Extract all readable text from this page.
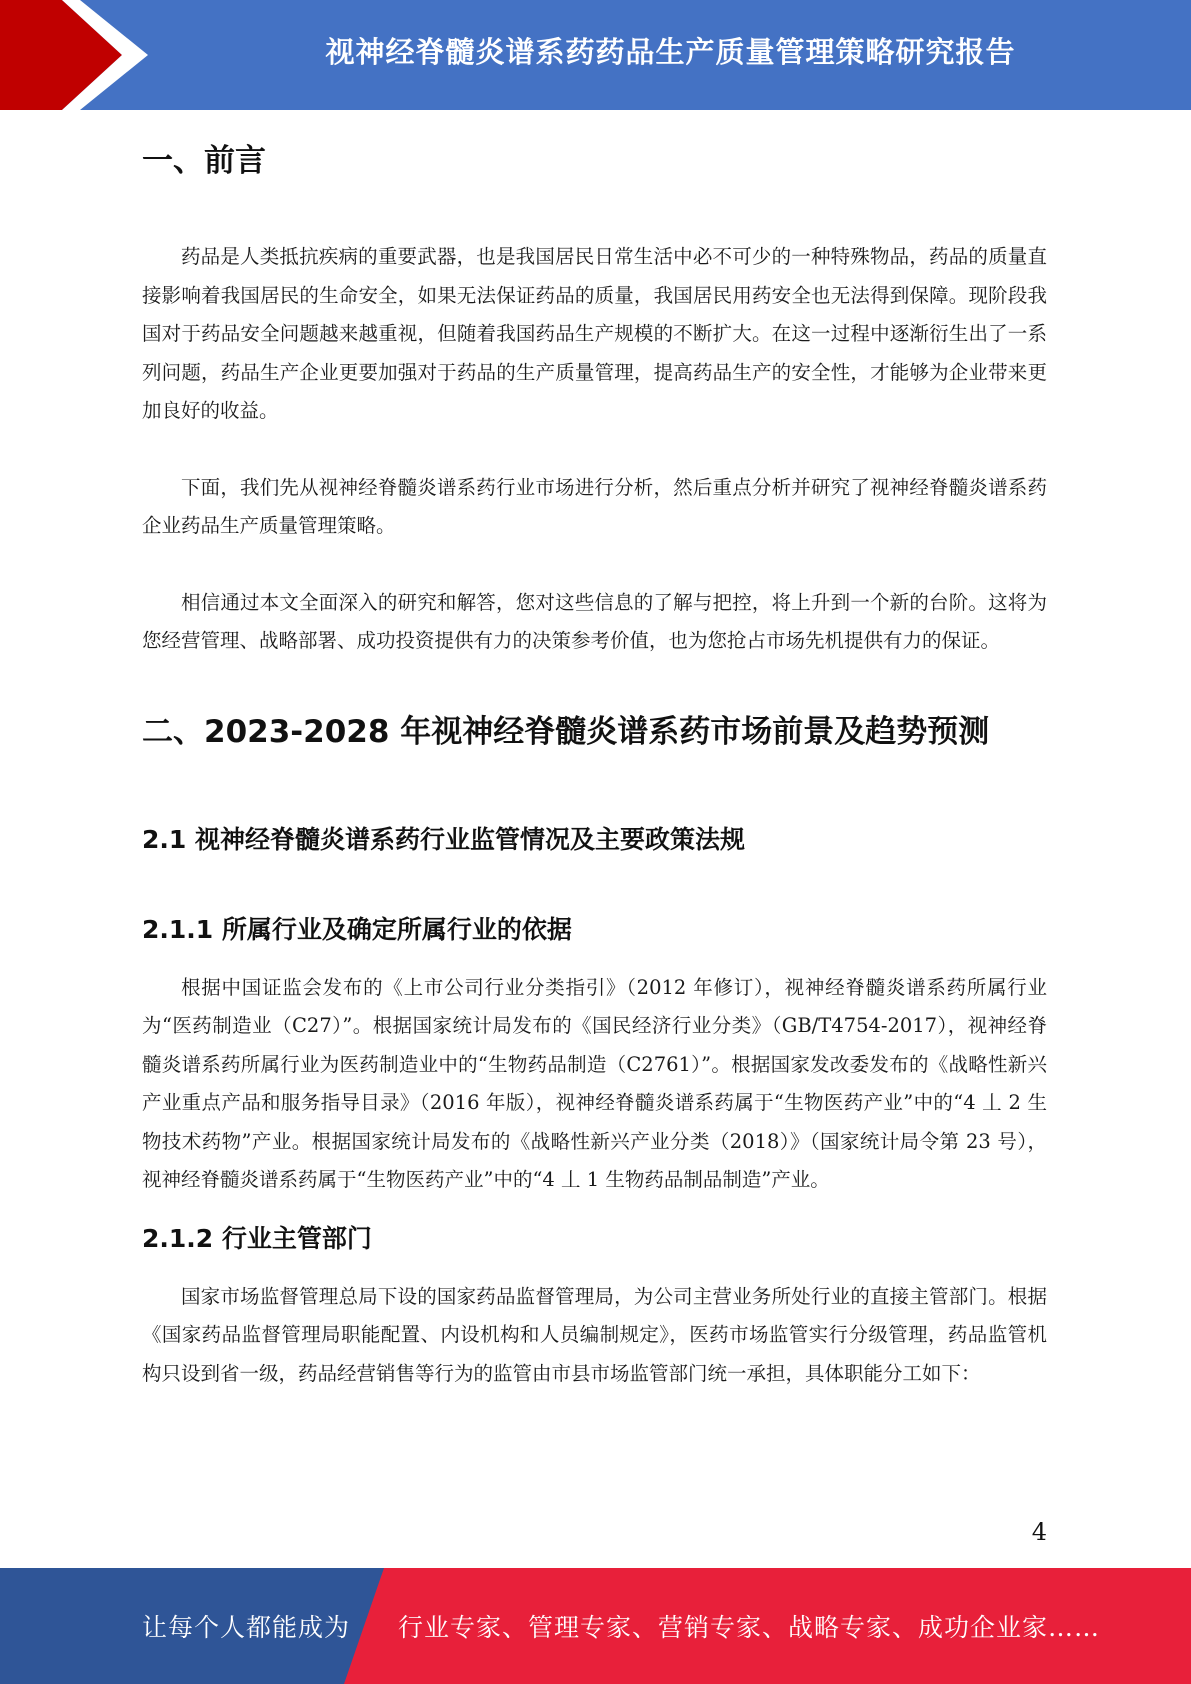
视神经脊髓炎谱系药药品生产质量管理策略研究报告
一、前言

药品是人类抵抗疾病的重要武器，也是我国居民日常生活中必不可少的一种特殊物品，药品的质量直接影响着我国居民的生命安全，如果无法保证药品的质量，我国居民用药安全也无法得到保障。现阶段我国对于药品安全问题越来越重视，但随着我国药品生产规模的不断扩大。在这一过程中逐渐衍生出了一系列问题，药品生产企业更要加强对于药品的生产质量管理，提高药品生产的安全性，才能够为企业带来更加良好的收益。

下面，我们先从视神经脊髓炎谱系药行业市场进行分析，然后重点分析并研究了视神经脊髓炎谱系药企业药品生产质量管理策略。

相信通过本文全面深入的研究和解答，您对这些信息的了解与把控，将上升到一个新的台阶。这将为您经营管理、战略部署、成功投资提供有力的决策参考价值，也为您抢占市场先机提供有力的保证。

二、2023-2028 年视神经脊髓炎谱系药市场前景及趋势预测
2.1 视神经脊髓炎谱系药行业监管情况及主要政策法规
2.1.1 所属行业及确定所属行业的依据

根据中国证监会发布的《上市公司行业分类指引》（2012 年修订），视神经脊髓炎谱系药所属行业为“医药制造业（C27）”。根据国家统计局发布的《国民经济行业分类》（GB/T4754-2017），视神经脊髓炎谱系药所属行业为医药制造业中的“生物药品制造（C2761）”。根据国家发改委发布的《战略性新兴产业重点产品和服务指导目录》（2016 年版），视神经脊髓炎谱系药属于“生物医药产业”中的“4 丄 2 生物技术药物”产业。根据国家统计局发布的《战略性新兴产业分类（2018）》（国家统计局令第 23 号），视神经脊髓炎谱系药属于“生物医药产业”中的“4 丄 1 生物药品制品制造”产业。

2.1.2 行业主管部门

国家市场监督管理总局下设的国家药品监督管理局，为公司主营业务所处行业的直接主管部门。根据《国家药品监督管理局职能配置、内设机构和人员编制规定》，医药市场监管实行分级管理，药品监管机构只设到省一级，药品经营销售等行为的监管由市县市场监管部门统一承担，具体职能分工如下：

4
让每个人都能成为 行业专家、管理专家、营销专家、战略专家、成功企业家……
